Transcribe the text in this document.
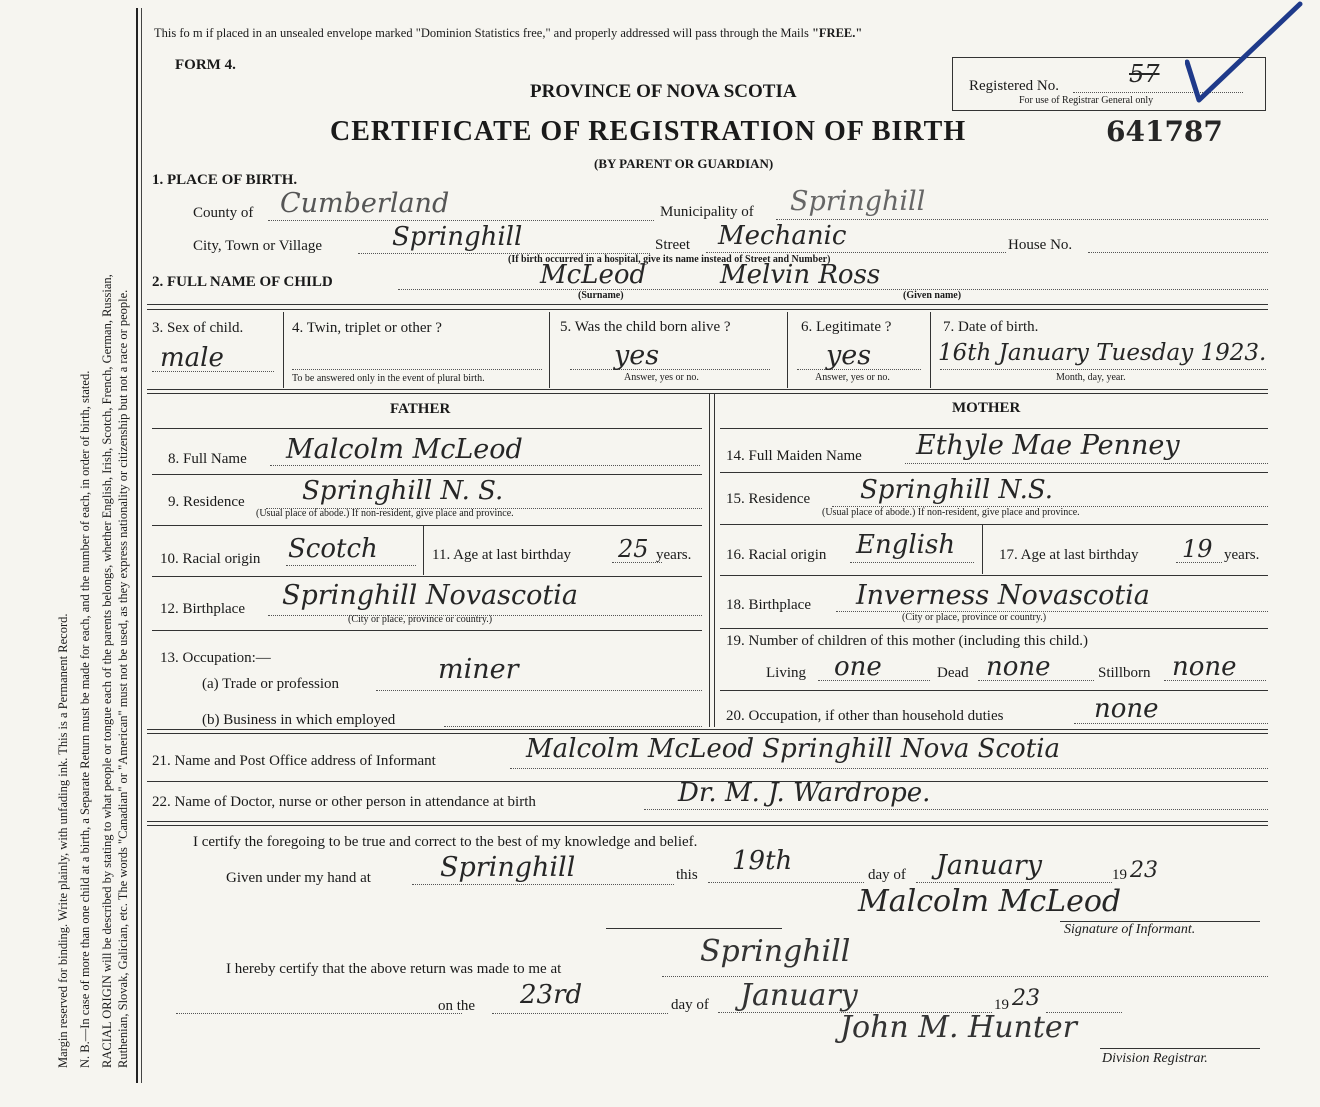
Margin reserved for binding. Write plainly, with unfading ink. This is a Permanent Record. N. B.—In case of more than one child at a birth, a Separate Return must be made for each, and the number of each, in order of birth, stated. RACIAL ORIGIN will be described by stating to what people or tongue each of the parents belongs, whether English, Irish, Scotch, French, German, Russian, Ruthenian, Slovak, Galician, etc. The words "Canadian" or "American" must not be used, as they express nationality or citizenship but not a race or people.
This fo m if placed in an unsealed envelope marked "Dominion Statistics free," and properly addressed will pass through the Mails "FREE."
FORM 4.
PROVINCE OF NOVA SCOTIA
CERTIFICATE OF REGISTRATION OF BIRTH	641787
(BY PARENT OR GUARDIAN)
Registered No.	57
For use of Registrar General only
1. PLACE OF BIRTH.
County of Cumberland	Municipality of Springhill
City, Town or Village	Springhill	Street Mechanic	House No.
(If birth occurred in a hospital, give its name instead of Street and Number)
2. FULL NAME OF CHILD	McLeod	Melvin Ross
(Surname)	(Given name)
3. Sex of child.
male
4. Twin, triplet or other ?
To be answered only in the event of plural birth.
5. Was the child born alive ?
yes
Answer, yes or no.
6. Legitimate ?
yes
Answer, yes or no.
7. Date of birth.
16th January Tuesday 1923.
Month, day, year.
FATHER	MOTHER
8. Full Name Malcolm McLeod
9. Residence Springhill N. S.
(Usual place of abode.) If non-resident, give place and province.
10. Racial origin Scotch	11. Age at last birthday 25 years.
12. Birthplace Springhill Novascotia
(City or place, province or country.)
13. Occupation:—
(a) Trade or profession	miner
(b) Business in which employed
14. Full Maiden Name Ethyle Mae Penney
15. Residence Springhill N.S.
(Usual place of abode.) If non-resident, give place and province.
16. Racial origin English	17. Age at last birthday 19 years.
18. Birthplace Inverness Novascotia
(City or place, province or country.)
19. Number of children of this mother (including this child.)
Living one	Dead none	Stillborn none
20. Occupation, if other than household duties	none
21. Name and Post Office address of Informant	Malcolm McLeod Springhill Nova Scotia
22. Name of Doctor, nurse or other person in attendance at birth	Dr. M. J. Wardrope.
I certify the foregoing to be true and correct to the best of my knowledge and belief.
Given under my hand at	Springhill	this 19th	day of January	19 23
Malcolm McLeod
Signature of Informant.
I hereby certify that the above return was made to me at	Springhill
on the 23rd	day of January	19 23
John M. Hunter
Division Registrar.
